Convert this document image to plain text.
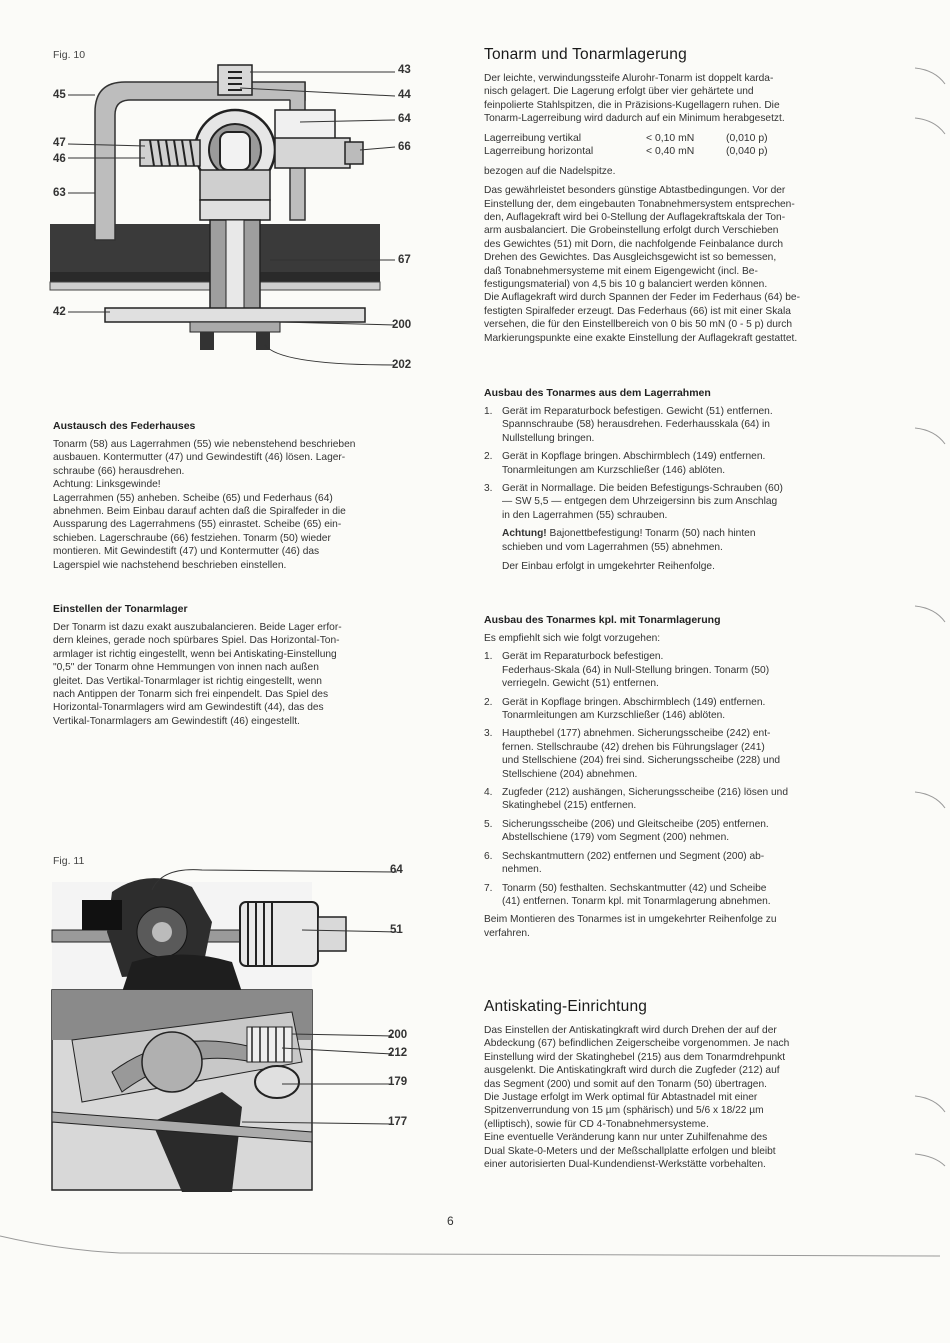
Fig. 10
43
44
64
66
67
200
202
45
47
46
63
42
Austausch des Federhauses
Tonarm (58) aus Lagerrahmen (55) wie nebenstehend beschrieben
ausbauen. Kontermutter (47) und Gewindestift (46) lösen. Lager-
schraube (66) herausdrehen.
Achtung: Linksgewinde!
Lagerrahmen (55) anheben. Scheibe (65) und Federhaus (64)
abnehmen. Beim Einbau darauf achten daß die Spiralfeder in die
Aussparung des Lagerrahmens (55) einrastet. Scheibe (65) ein-
schieben. Lagerschraube (66) festziehen. Tonarm (50) wieder
montieren. Mit Gewindestift (47) und Kontermutter (46) das
Lagerspiel wie nachstehend beschrieben einstellen.
Einstellen der Tonarmlager
Der Tonarm ist dazu exakt auszubalancieren. Beide Lager erfor-
dern kleines, gerade noch spürbares Spiel. Das Horizontal-Ton-
armlager ist richtig eingestellt, wenn bei Antiskating-Einstellung
"0,5" der Tonarm ohne Hemmungen von innen nach außen
gleitet. Das Vertikal-Tonarmlager ist richtig eingestellt, wenn
nach Antippen der Tonarm sich frei einpendelt. Das Spiel des
Horizontal-Tonarmlagers wird am Gewindestift (44), das des
Vertikal-Tonarmlagers am Gewindestift (46) eingestellt.
Fig. 11
64
51
200
212
179
177
Tonarm und Tonarmlagerung
Der leichte, verwindungssteife Alurohr-Tonarm ist doppelt karda-
nisch gelagert. Die Lagerung erfolgt über vier gehärtete und
feinpolierte Stahlspitzen, die in Präzisions-Kugellagern ruhen. Die
Tonarm-Lagerreibung wird dadurch auf ein Minimum herabgesetzt.
Lagerreibung vertikal	< 0,10 mN	(0,010 p)
Lagerreibung horizontal	< 0,40 mN	(0,040 p)
bezogen auf die Nadelspitze.
Das gewährleistet besonders günstige Abtastbedingungen. Vor der
Einstellung der, dem eingebauten Tonabnehmersystem entsprechen-
den, Auflagekraft wird bei 0-Stellung der Auflagekraftskala der Ton-
arm ausbalanciert. Die Grobeinstellung erfolgt durch Verschieben
des Gewichtes (51) mit Dorn, die nachfolgende Feinbalance durch
Drehen des Gewichtes. Das Ausgleichsgewicht ist so bemessen,
daß Tonabnehmersysteme mit einem Eigengewicht (incl. Be-
festigungsmaterial) von 4,5 bis 10 g balanciert werden können.
Die Auflagekraft wird durch Spannen der Feder im Federhaus (64) be-
festigten Spiralfeder erzeugt. Das Federhaus (66) ist mit einer Skala
versehen, die für den Einstellbereich von 0 bis 50 mN (0 - 5 p) durch
Markierungspunkte eine exakte Einstellung der Auflagekraft gestattet.
Ausbau des Tonarmes aus dem Lagerrahmen
1. Gerät im Reparaturbock befestigen. Gewicht (51) entfernen.
Spannschraube (58) herausdrehen. Federhausskala (64) in
Nullstellung bringen.
2. Gerät in Kopflage bringen. Abschirmblech (149) entfernen.
Tonarmleitungen am Kurzschließer (146) ablöten.
3. Gerät in Normallage. Die beiden Befestigungs-Schrauben (60)
— SW 5,5 — entgegen dem Uhrzeigersinn bis zum Anschlag
in den Lagerrahmen (55) schrauben.
Achtung! Bajonettbefestigung! Tonarm (50) nach hinten
schieben und vom Lagerrahmen (55) abnehmen.
Der Einbau erfolgt in umgekehrter Reihenfolge.
Ausbau des Tonarmes kpl. mit Tonarmlagerung
Es empfiehlt sich wie folgt vorzugehen:
1. Gerät im Reparaturbock befestigen.
Federhaus-Skala (64) in Null-Stellung bringen. Tonarm (50)
verriegeln. Gewicht (51) entfernen.
2. Gerät in Kopflage bringen. Abschirmblech (149) entfernen.
Tonarmleitungen am Kurzschließer (146) ablöten.
3. Haupthebel (177) abnehmen. Sicherungsscheibe (242) ent-
fernen. Stellschraube (42) drehen bis Führungslager (241)
und Stellschiene (204) frei sind. Sicherungsscheibe (228) und
Stellschiene (204) abnehmen.
4. Zugfeder (212) aushängen, Sicherungsscheibe (216) lösen und
Skatinghebel (215) entfernen.
5. Sicherungsscheibe (206) und Gleitscheibe (205) entfernen.
Abstellschiene (179) vom Segment (200) nehmen.
6. Sechskantmuttern (202) entfernen und Segment (200) ab-
nehmen.
7. Tonarm (50) festhalten. Sechskantmutter (42) und Scheibe
(41) entfernen. Tonarm kpl. mit Tonarmlagerung abnehmen.
Beim Montieren des Tonarmes ist in umgekehrter Reihenfolge zu
verfahren.
Antiskating-Einrichtung
Das Einstellen der Antiskatingkraft wird durch Drehen der auf der
Abdeckung (67) befindlichen Zeigerscheibe vorgenommen. Je nach
Einstellung wird der Skatinghebel (215) aus dem Tonarmdrehpunkt
ausgelenkt. Die Antiskatingkraft wird durch die Zugfeder (212) auf
das Segment (200) und somit auf den Tonarm (50) übertragen.
Die Justage erfolgt im Werk optimal für Abtastnadel mit einer
Spitzenverrundung von 15 µm (sphärisch) und 5/6 x 18/22 µm
(elliptisch), sowie für CD 4-Tonabnehmersysteme.
Eine eventuelle Veränderung kann nur unter Zuhilfenahme des
Dual Skate-0-Meters und der Meßschallplatte erfolgen und bleibt
einer autorisierten Dual-Kundendienst-Werkstätte vorbehalten.
6
